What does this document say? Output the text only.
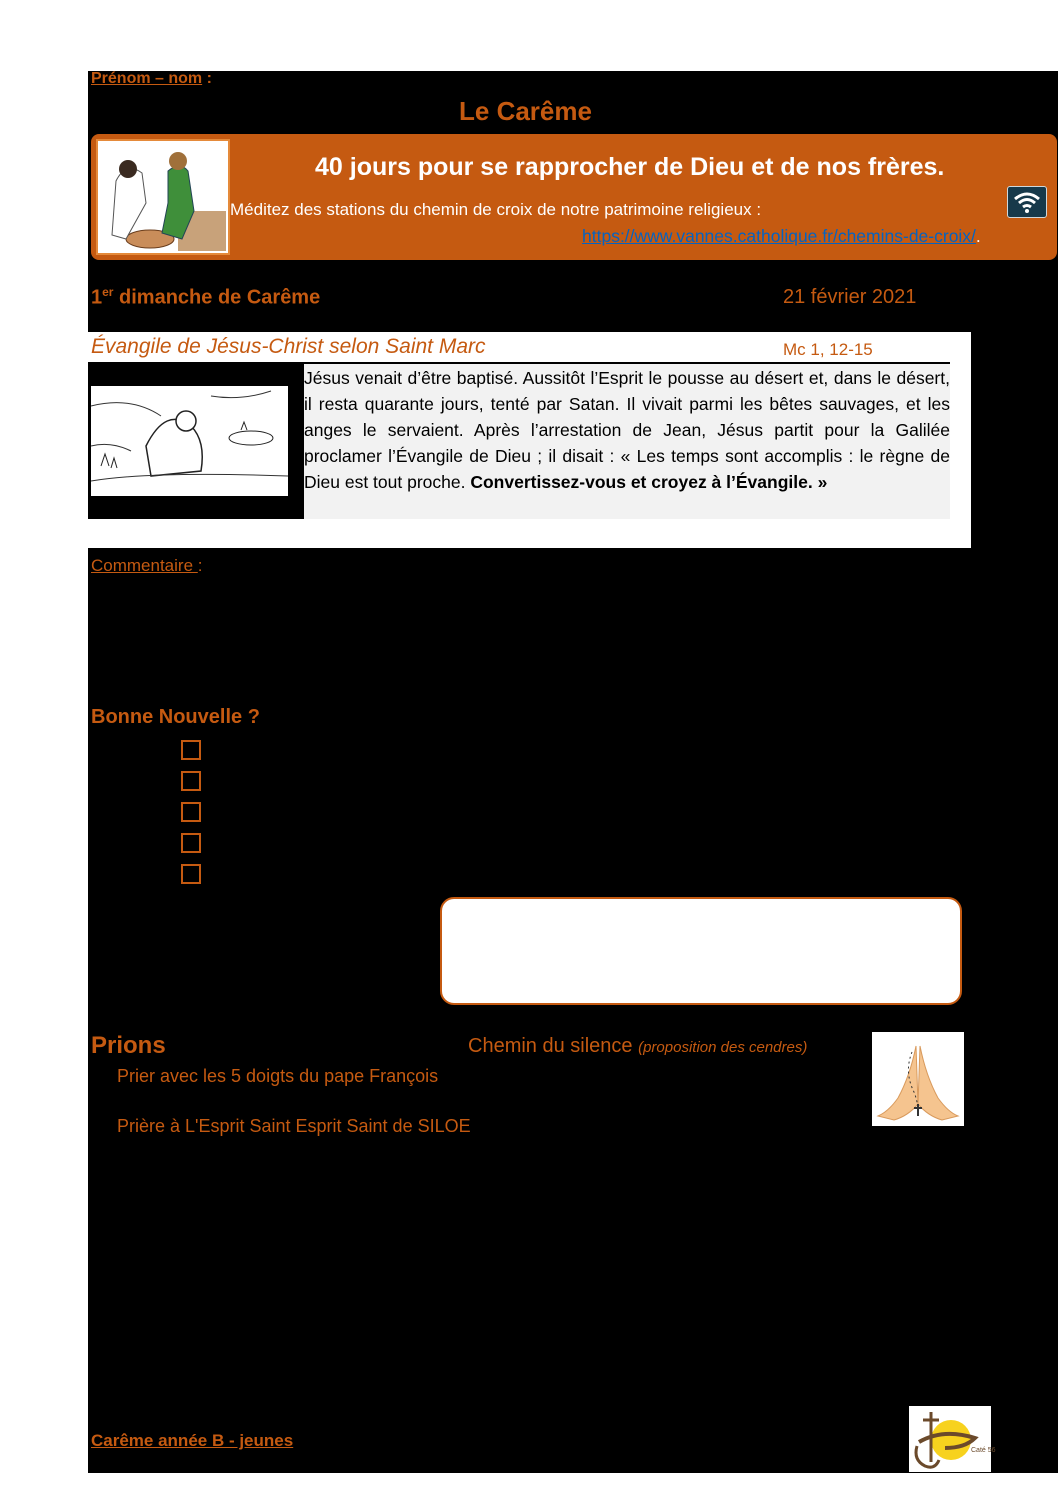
Prénom – nom :
Le Carême
40 jours pour se rapprocher de Dieu et de nos frères.
Méditez des stations du chemin de croix de notre patrimoine religieux :
https://www.vannes.catholique.fr/chemins-de-croix/.
1er dimanche de Carême	21 février 2021
Évangile de Jésus-Christ selon Saint Marc	Mc 1, 12-15
Jésus venait d’être baptisé. Aussitôt l’Esprit le pousse au désert et, dans le désert, il resta quarante jours, tenté par Satan. Il vivait parmi les bêtes sauvages, et les anges le servaient. Après l’arrestation de Jean, Jésus partit pour la Galilée proclamer l’Évangile de Dieu ; il disait : « Les temps sont accomplis : le règne de Dieu est tout proche. Convertissez-vous et croyez à l’Évangile. »
Commentaire :
Bonne Nouvelle ?
Prions	Chemin du silence (proposition des cendres)
Prier avec les 5 doigts du pape François
Prière à L'Esprit Saint Esprit Saint de SILOE
Carême année B - jeunes
Caté 56
